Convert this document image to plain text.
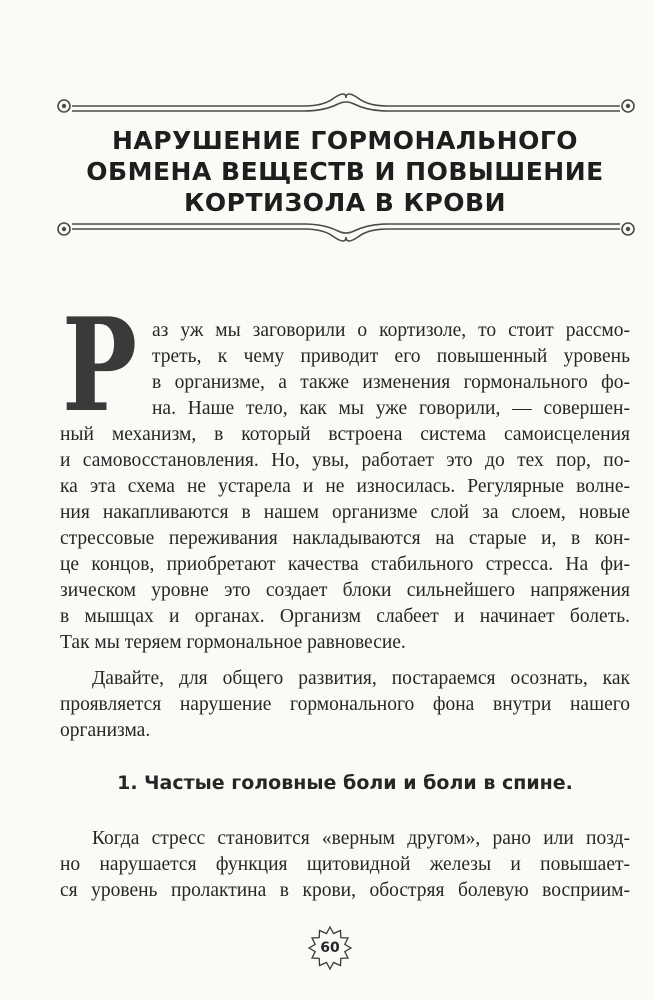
НАРУШЕНИЕ ГОРМОНАЛЬНОГО
ОБМЕНА ВЕЩЕСТВ И ПОВЫШЕНИЕ
КОРТИЗОЛА В КРОВИ
Р аз уж мы заговорили о кортизоле, то стоит рассмо-
треть, к чему приводит его повышенный уровень
в организме, а также изменения гормонального фо-
на. Наше тело, как мы уже говорили, — совершен-
ный механизм, в который встроена система самоисцеления
и самовосстановления. Но, увы, работает это до тех пор, по-
ка эта схема не устарела и не износилась. Регулярные волне-
ния накапливаются в нашем организме слой за слоем, новые
стрессовые переживания накладываются на старые и, в кон-
це концов, приобретают качества стабильного стресса. На фи-
зическом уровне это создает блоки сильнейшего напряжения
в мышцах и органах. Организм слабеет и начинает болеть.
Так мы теряем гормональное равновесие.
Давайте, для общего развития, постараемся осознать, как
проявляется нарушение гормонального фона внутри нашего
организма.
1. Частые головные боли и боли в спине.
Когда стресс становится «верным другом», рано или позд-
но нарушается функция щитовидной железы и повышает-
ся уровень пролактина в крови, обостряя болевую восприим-
60
